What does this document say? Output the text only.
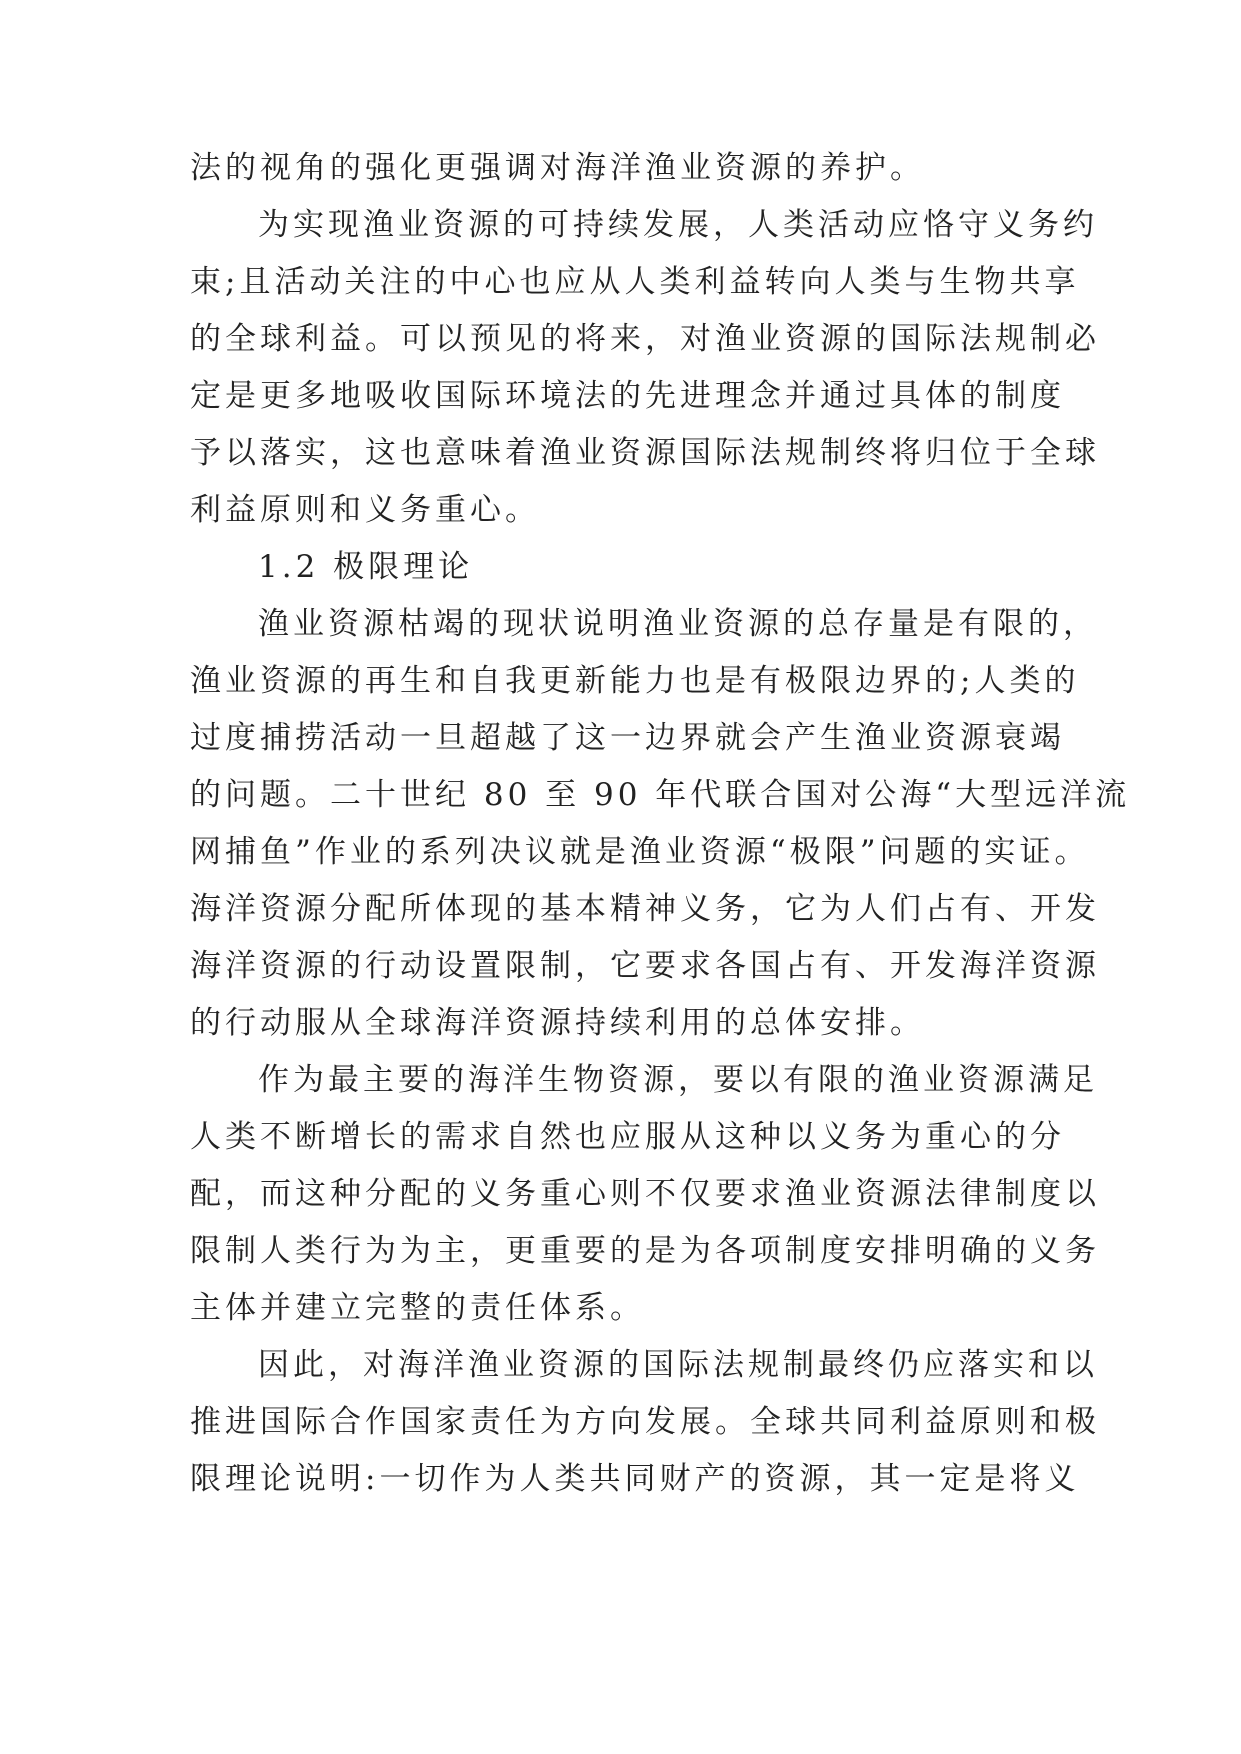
法的视角的强化更强调对海洋渔业资源的养护。
为实现渔业资源的可持续发展，人类活动应恪守义务约
束;且活动关注的中心也应从人类利益转向人类与生物共享
的全球利益。可以预见的将来，对渔业资源的国际法规制必
定是更多地吸收国际环境法的先进理念并通过具体的制度
予以落实，这也意味着渔业资源国际法规制终将归位于全球
利益原则和义务重心。
1.2 极限理论
渔业资源枯竭的现状说明渔业资源的总存量是有限的，
渔业资源的再生和自我更新能力也是有极限边界的;人类的
过度捕捞活动一旦超越了这一边界就会产生渔业资源衰竭
的问题。二十世纪 80 至 90 年代联合国对公海“大型远洋流
网捕鱼”作业的系列决议就是渔业资源“极限”问题的实证。
海洋资源分配所体现的基本精神义务，它为人们占有、开发
海洋资源的行动设置限制，它要求各国占有、开发海洋资源
的行动服从全球海洋资源持续利用的总体安排。
作为最主要的海洋生物资源，要以有限的渔业资源满足
人类不断增长的需求自然也应服从这种以义务为重心的分
配，而这种分配的义务重心则不仅要求渔业资源法律制度以
限制人类行为为主，更重要的是为各项制度安排明确的义务
主体并建立完整的责任体系。
因此，对海洋渔业资源的国际法规制最终仍应落实和以
推进国际合作国家责任为方向发展。全球共同利益原则和极
限理论说明:一切作为人类共同财产的资源，其一定是将义
